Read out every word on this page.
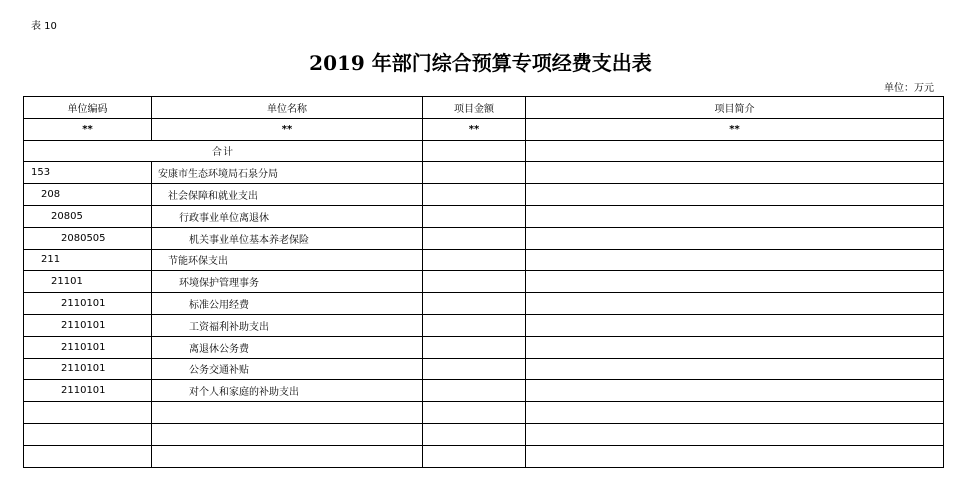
表 10
2019 年部门综合预算专项经费支出表
单位：万元
单位编码	单位名称	项目金额	项目简介
**	**	**	**
合计			
153	安康市生态环境局石泉分局		
208	社会保障和就业支出		
20805	行政事业单位离退休		
2080505	机关事业单位基本养老保险		
211	节能环保支出		
21101	环境保护管理事务		
2110101	标准公用经费		
2110101	工资福利补助支出		
2110101	离退休公务费		
2110101	公务交通补贴		
2110101	对个人和家庭的补助支出		
